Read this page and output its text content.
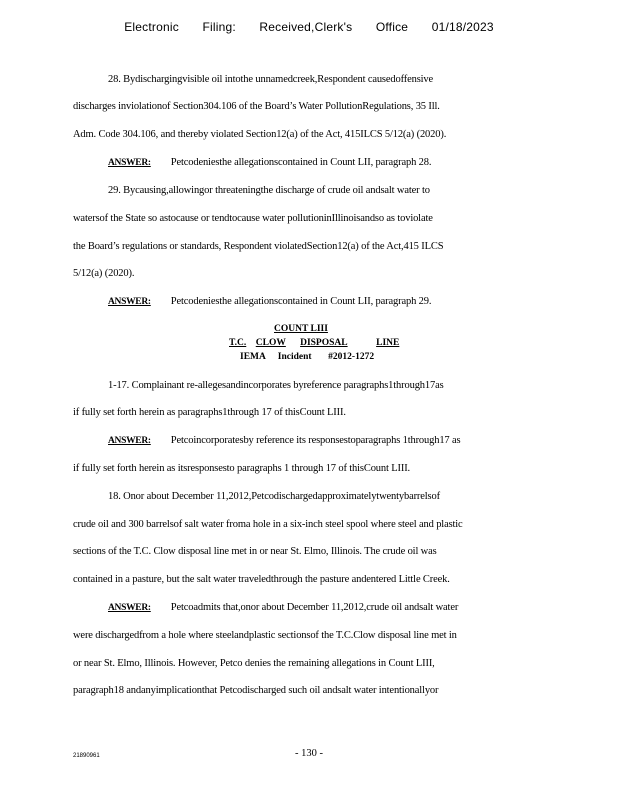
Electronic Filing: Received,Clerk's Office 01/18/2023
28. Bydischargingvisible oil intothe unnamedcreek,Respondent causedoffensive
discharges inviolationof Section304.106 of the Board’s Water PollutionRegulations, 35 Ill.
Adm. Code 304.106, and thereby violated Section12(a) of the Act, 415ILCS 5/12(a) (2020).
ANSWER: Petcodeniesthe allegationscontained in Count LII, paragraph 28.
29. Bycausing,allowingor threateningthe discharge of crude oil andsalt water to
watersof the State so astocause or tendtocause water pollutioninIllinoisandso as toviolate
the Board’s regulations or standards, Respondent violatedSection12(a) of the Act,415 ILCS
5/12(a) (2020).
ANSWER: Petcodeniesthe allegationscontained in Count LII, paragraph 29.
COUNT LIII
T.C. CLOW DISPOSAL	LINE
IEMA Incident #2012-1272
1-17. Complainant re-allegesandincorporates byreference paragraphs1through17as
if fully set forth herein as paragraphs1through 17 of thisCount LIII.
ANSWER: Petcoincorporatesby reference its responsestoparagraphs 1through17 as
if fully set forth herein as itsresponsesto paragraphs 1 through 17 of thisCount LIII.
18. Onor about December 11,2012,Petcodischargedapproximatelytwentybarrelsof
crude oil and 300 barrelsof salt water froma hole in a six-inch steel spool where steel and plastic
sections of the T.C. Clow disposal line met in or near St. Elmo, Illinois. The crude oil was
contained in a pasture, but the salt water traveledthrough the pasture andentered Little Creek.
ANSWER: Petcoadmits that,onor about December 11,2012,crude oil andsalt water
were dischargedfrom a hole where steelandplastic sectionsof the T.C.Clow disposal line met in
or near St. Elmo, Illinois. However, Petco denies the remaining allegations in Count LIII,
paragraph18 andanyimplicationthat Petcodischarged such oil andsalt water intentionallyor
21890961	- 130 -
